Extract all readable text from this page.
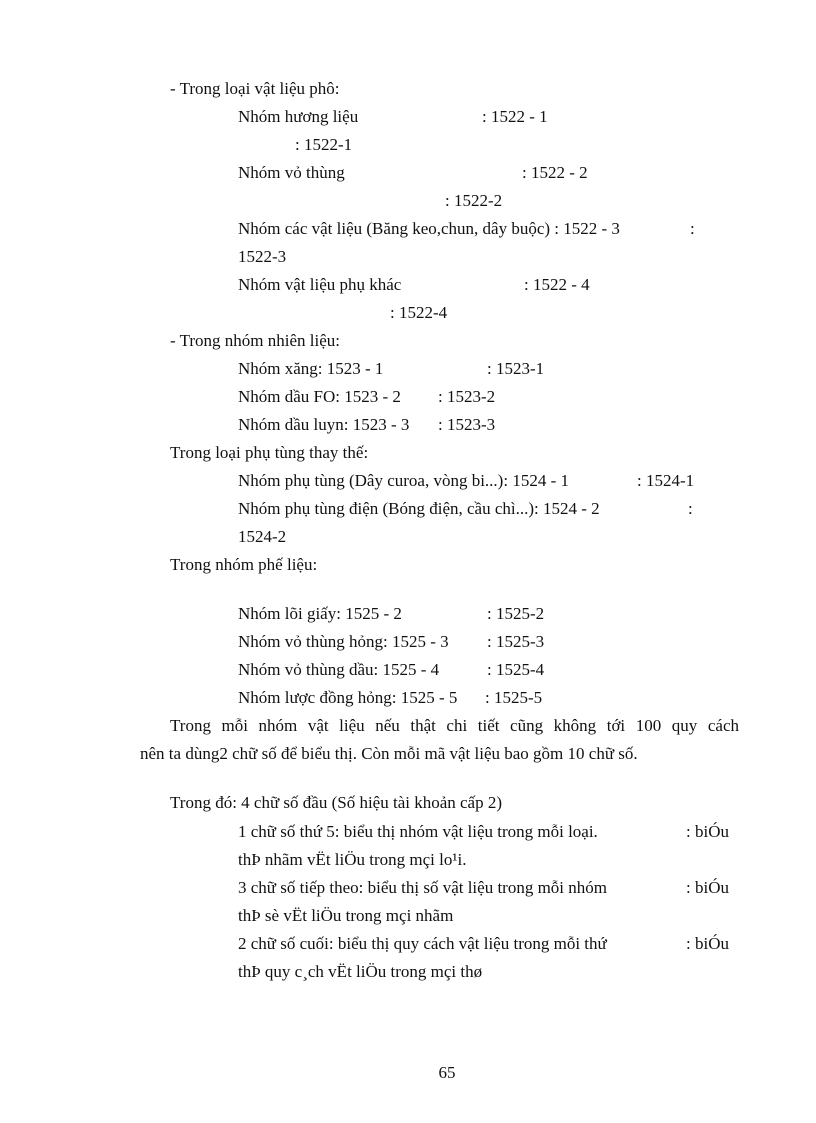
- Trong loại vật liệu phô:
Nhóm hương liệu	: 1522 - 1
: 1522-1
Nhóm vỏ thùng	: 1522 - 2
: 1522-2
Nhóm các vật liệu (Băng keo,chun, dây buộc) : 1522 - 3	:
1522-3
Nhóm vật liệu phụ khác	: 1522 - 4
: 1522-4
- Trong nhóm nhiên liệu:
Nhóm xăng: 1523 - 1	: 1523-1
Nhóm dầu FO: 1523 - 2 : 1523-2
Nhóm dầu luyn: 1523 - 3 : 1523-3
Trong loại phụ tùng thay thế:
Nhóm phụ tùng (Dây curoa, vòng bi...): 1524 - 1	: 1524-1
Nhóm phụ tùng điện (Bóng điện, cầu chì...): 1524 - 2	:
1524-2
Trong nhóm phế liệu:
Nhóm lõi giấy: 1525 - 2	: 1525-2
Nhóm vỏ thùng hỏng: 1525 - 3 : 1525-3
Nhóm vỏ thùng dầu: 1525 - 4	: 1525-4
Nhóm lược đồng hỏng: 1525 - 5 : 1525-5
Trong mỗi nhóm vật liệu nếu thật chi tiết cũng không tới 100 quy cách
nên ta dùng2 chữ số để biểu thị. Còn mỗi mã vật liệu bao gồm 10 chữ số.
Trong đó: 4 chữ số đầu (Số hiệu tài khoản cấp 2)
1 chữ số thứ 5: biểu thị nhóm vật liệu trong mỗi loại.	: biÓu
thÞ nhãm vËt liÖu trong mçi lo¹i.
3 chữ số tiếp theo: biểu thị số vật liệu trong mỗi nhóm	: biÓu
thÞ sè vËt liÖu trong mçi nhãm
2 chữ số cuối: biểu thị quy cách vật liệu trong mỗi thứ	: biÓu
thÞ quy c¸ch vËt liÖu trong mçi thø
65
